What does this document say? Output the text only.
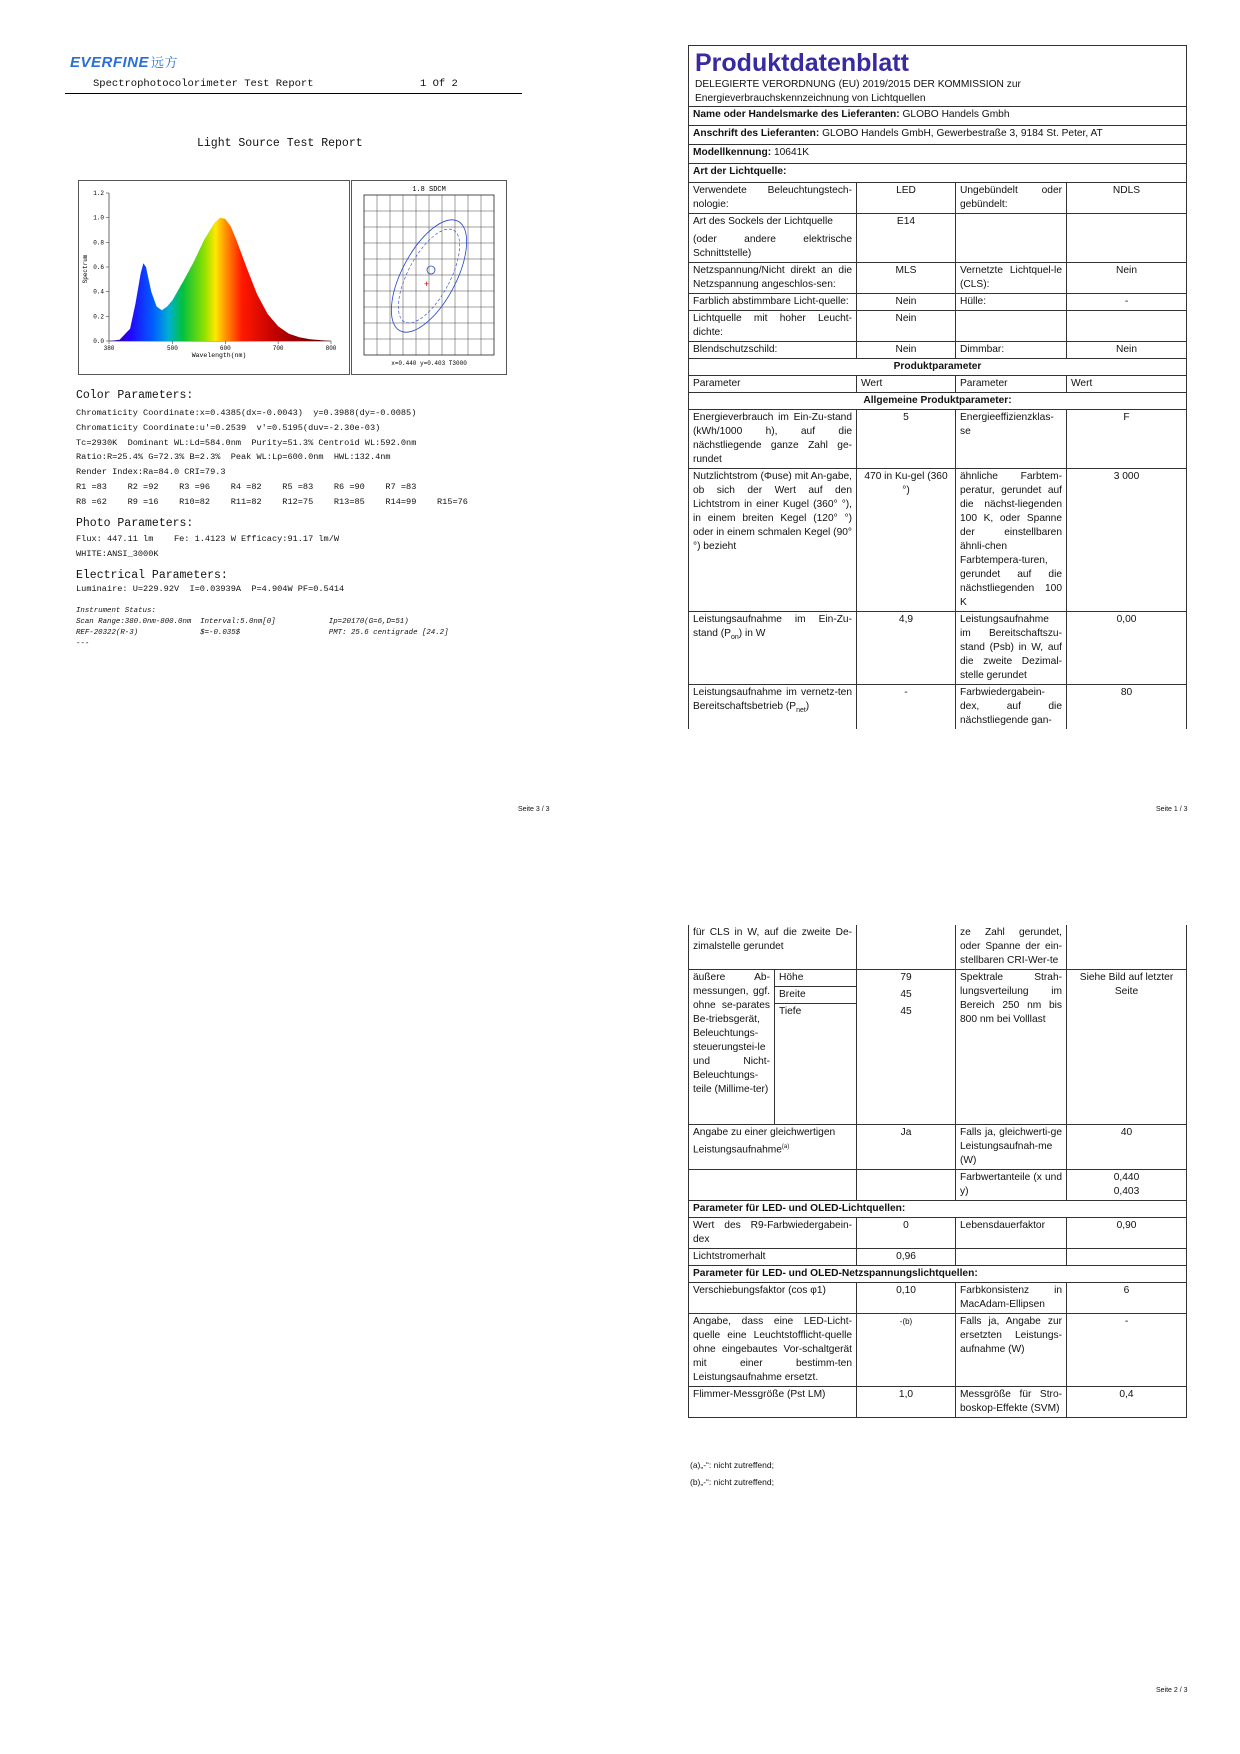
EVERFINE 远方
Spectrophotocolorimeter Test Report	1 Of 2
Light Source Test Report
1.2
1.0
0.8
0.6
0.4
0.2
0.0
380	500	600	700	800
Spectrum
Wavelength(nm)
1.8 SDCM
+
x=0.440 y=0.403 T3000
Color Parameters:
Chromaticity Coordinate:x=0.4385(dx=-0.0043)  y=0.3988(dy=-0.0085)
Chromaticity Coordinate:u'=0.2539  v'=0.5195(duv=-2.30e-03)
Tc=2930K  Dominant WL:Ld=584.0nm  Purity=51.3% Centroid WL:592.0nm
Ratio:R=25.4% G=72.3% B=2.3%  Peak WL:Lp=600.0nm  HWL:132.4nm
Render Index:Ra=84.0 CRI=79.3
R1 =83    R2 =92    R3 =96    R4 =82    R5 =83    R6 =90    R7 =83
R8 =62    R9 =16    R10=82    R11=82    R12=75    R13=85    R14=99    R15=76
Photo Parameters:
Flux: 447.11 lm    Fe: 1.4123 W Efficacy:91.17 lm/W
WHITE:ANSI_3000K
Electrical Parameters:
Luminaire: U=229.92V  I=0.03939A  P=4.904W PF=0.5414
Instrument Status:
Scan Range:380.0nm-800.0nm  Interval:5.0nm[0]            Ip=20170(G=6,D=51)
REF-20322(R-3)              $=-0.035$                    PMT: 25.6 centigrade [24.2]
---
Seite 3 / 3
Produktdatenblatt
DELEGIERTE VERORDNUNG (EU) 2019/2015 DER KOMMISSION zur
Energieverbrauchskennzeichnung von Lichtquellen			

Name oder Handelsmarke des Lieferanten: GLOBO Handels Gmbh			
Anschrift des Lieferanten: GLOBO Handels GmbH, Gewerbestraße 3, 9184 St. Peter, AT			
Modellkennung: 10641K			
Art der Lichtquelle:			
Verwendete Beleuchtungstech-nologie:	LED	Ungebündelt oder gebündelt:	NDLS

Art des Sockels der Lichtquelle
(oder andere elektrische Schnittstelle)	E14		
Netzspannung/Nicht direkt an die Netzspannung angeschlos-sen:	MLS	Vernetzte Lichtquel-le (CLS):	Nein
Farblich abstimmbare Licht-quelle:	Nein	Hülle:	-
Lichtquelle mit hoher Leucht-dichte:	Nein		
Blendschutzschild:	Nein	Dimmbar:	Nein
Produktparameter			
Parameter	Wert	Parameter	Wert
Allgemeine Produktparameter:			
Energieverbrauch im Ein-Zu-stand (kWh/1000 h), auf die nächstliegende ganze Zahl ge-rundet	5	Energieeffizienzklas-se	F
Nutzlichtstrom (Φuse) mit An-gabe, ob sich der Wert auf den Lichtstrom in einer Kugel (360° °), in einem breiten Kegel (120° °) oder in einem schmalen Kegel (90° °) bezieht	470 in Ku-gel (360 °)	ähnliche Farbtem-peratur, gerundet auf die nächst-liegenden 100 K, oder Spanne der einstellbaren ähnli-chen Farbtempera-turen, gerundet auf die nächstliegenden 100 K	3 000
Leistungsaufnahme im Ein-Zu-stand $(P_{on})$ in W	4,9	Leistungsaufnahme im Bereitschaftszu-stand (Psb) in W, auf die zweite Dezimal-stelle gerundet	0,00
Leistungsaufnahme im vernetz-ten Bereitschaftsbetrieb $(P_{net})$	-	Farbwiedergabein-dex, auf die nächstliegende gan-	80
Seite 1 / 3
für CLS in W, auf die zweite De-zimalstelle gerundet			ze Zahl gerundet, oder Spanne der ein-stellbaren CRI-Wer-te	
äußere Ab-messungen, ggf. ohne se-parates Be-triebsgerät, Beleuchtungs-steuerungstei-le und Nicht-Beleuchtungs-teile (Millime-ter)	Höhe	79	Spektrale Strah-lungsverteilung im Bereich 250 nm bis 800 nm bei Volllast	Siehe Bild auf letzter Seite
	Breite	45		
	Tiefe	45		
Angabe zu einer gleichwertigen Leistungsaufnahme$^{(a)}$		Ja	Falls ja, gleichwerti-ge Leistungsaufnah-me (W)	40
			Farbwertanteile (x und y)	0,440
0,403

Parameter für LED- und OLED-Lichtquellen:				
Wert des R9-Farbwiedergabein-dex		0	Lebensdauerfaktor	0,90
Lichtstromerhalt		0,96		
Parameter für LED- und OLED-Netzspannungslichtquellen:				
Verschiebungsfaktor (cos φ1)		0,10	Farbkonsistenz in MacAdam-Ellipsen	6
Angabe, dass eine LED-Licht-quelle eine Leuchtstofflicht-quelle ohne eingebautes Vor-schaltgerät mit einer bestimm-ten Leistungsaufnahme ersetzt.		-(b)	Falls ja, Angabe zur ersetzten Leistungs-aufnahme (W)	-
Flimmer-Messgröße (Pst LM)		1,0	Messgröße für Stro-boskop-Effekte (SVM)	0,4
(a)„-“: nicht zutreffend;
(b)„-“: nicht zutreffend;
Seite 2 / 3
